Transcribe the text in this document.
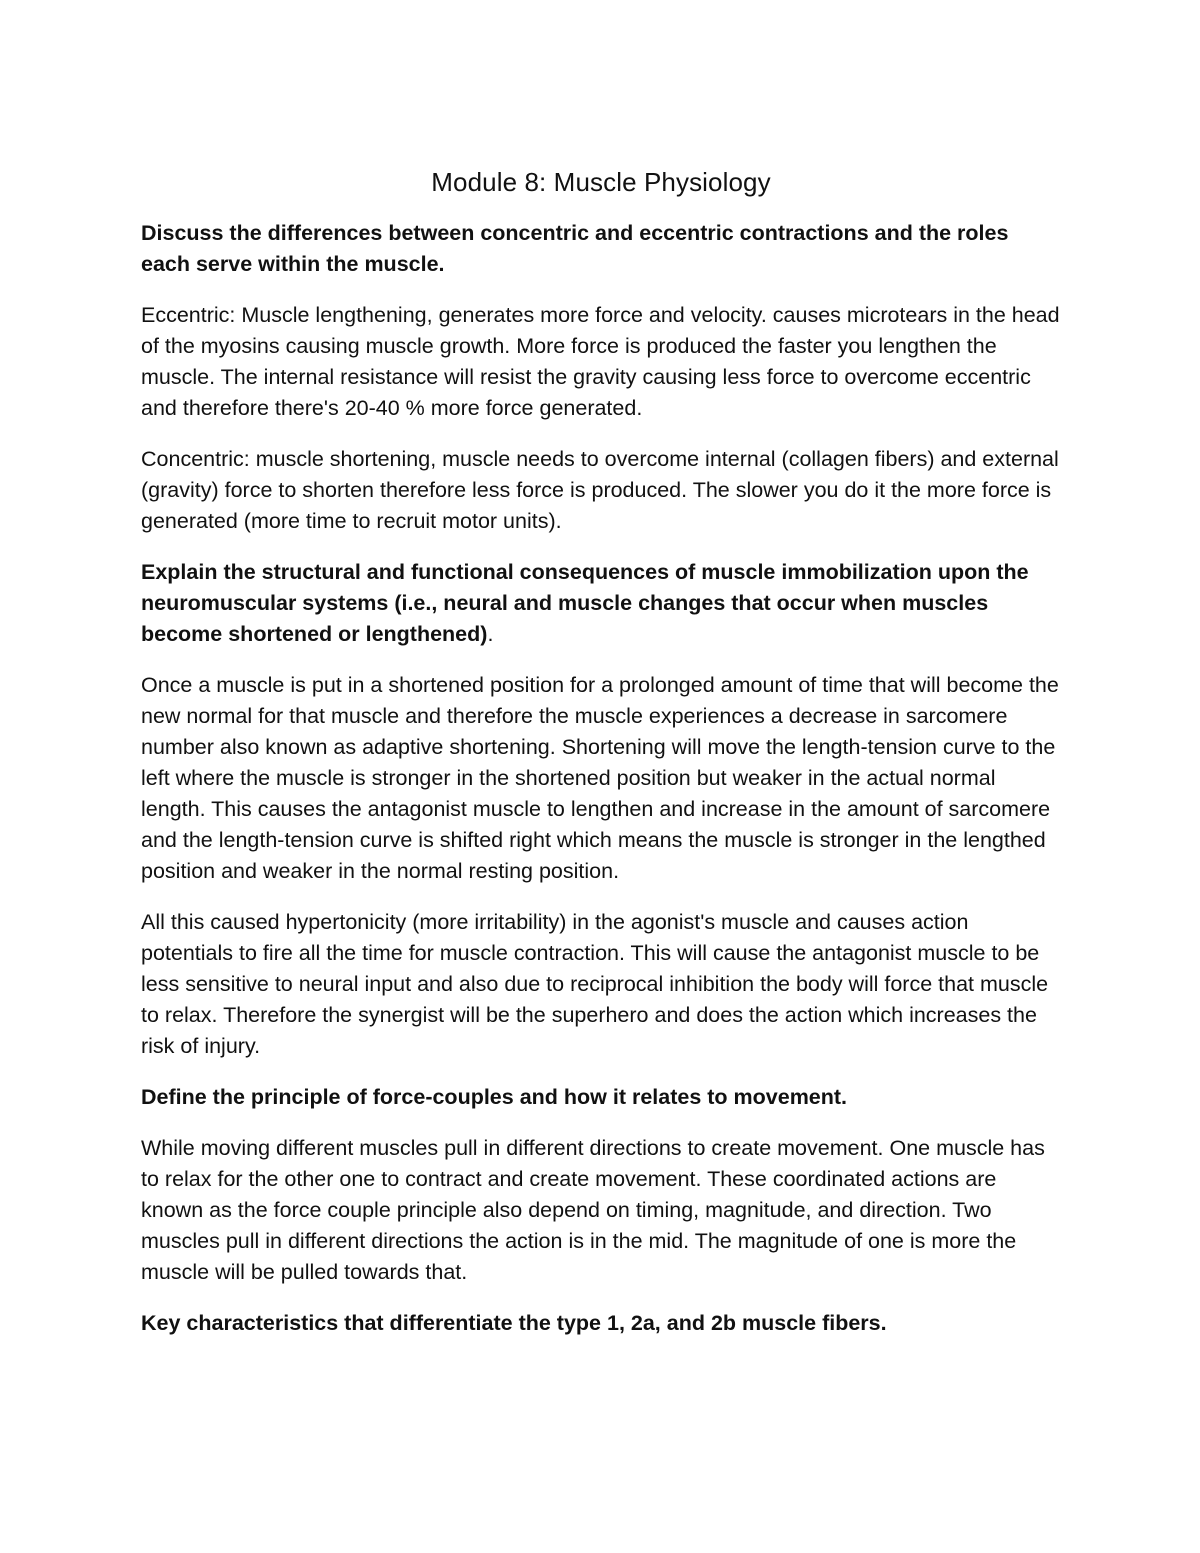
Module 8: Muscle Physiology

Discuss the differences between concentric and eccentric contractions and the roles each serve within the muscle.

Eccentric: Muscle lengthening, generates more force and velocity. causes microtears in the head of the myosins causing muscle growth. More force is produced the faster you lengthen the muscle. The internal resistance will resist the gravity causing less force to overcome eccentric and therefore there's 20-40 % more force generated.

Concentric: muscle shortening, muscle needs to overcome internal (collagen fibers) and external (gravity) force to shorten therefore less force is produced. The slower you do it the more force is generated (more time to recruit motor units).

Explain the structural and functional consequences of muscle immobilization upon the neuromuscular systems (i.e., neural and muscle changes that occur when muscles become shortened or lengthened).

Once a muscle is put in a shortened position for a prolonged amount of time that will become the new normal for that muscle and therefore the muscle experiences a decrease in sarcomere number also known as adaptive shortening. Shortening will move the length-tension curve to the left where the muscle is stronger in the shortened position but weaker in the actual normal length. This causes the antagonist muscle to lengthen and increase in the amount of sarcomere and the length-tension curve is shifted right which means the muscle is stronger in the lengthed position and weaker in the normal resting position.

All this caused hypertonicity (more irritability) in the agonist's muscle and causes action potentials to fire all the time for muscle contraction. This will cause the antagonist muscle to be less sensitive to neural input and also due to reciprocal inhibition the body will force that muscle to relax. Therefore the synergist will be the superhero and does the action which increases the risk of injury.

Define the principle of force-couples and how it relates to movement.

While moving different muscles pull in different directions to create movement. One muscle has to relax for the other one to contract and create movement. These coordinated actions are known as the force couple principle also depend on timing, magnitude, and direction. Two muscles pull in different directions the action is in the mid. The magnitude of one is more the muscle will be pulled towards that.

Key characteristics that differentiate the type 1, 2a, and 2b muscle fibers.
